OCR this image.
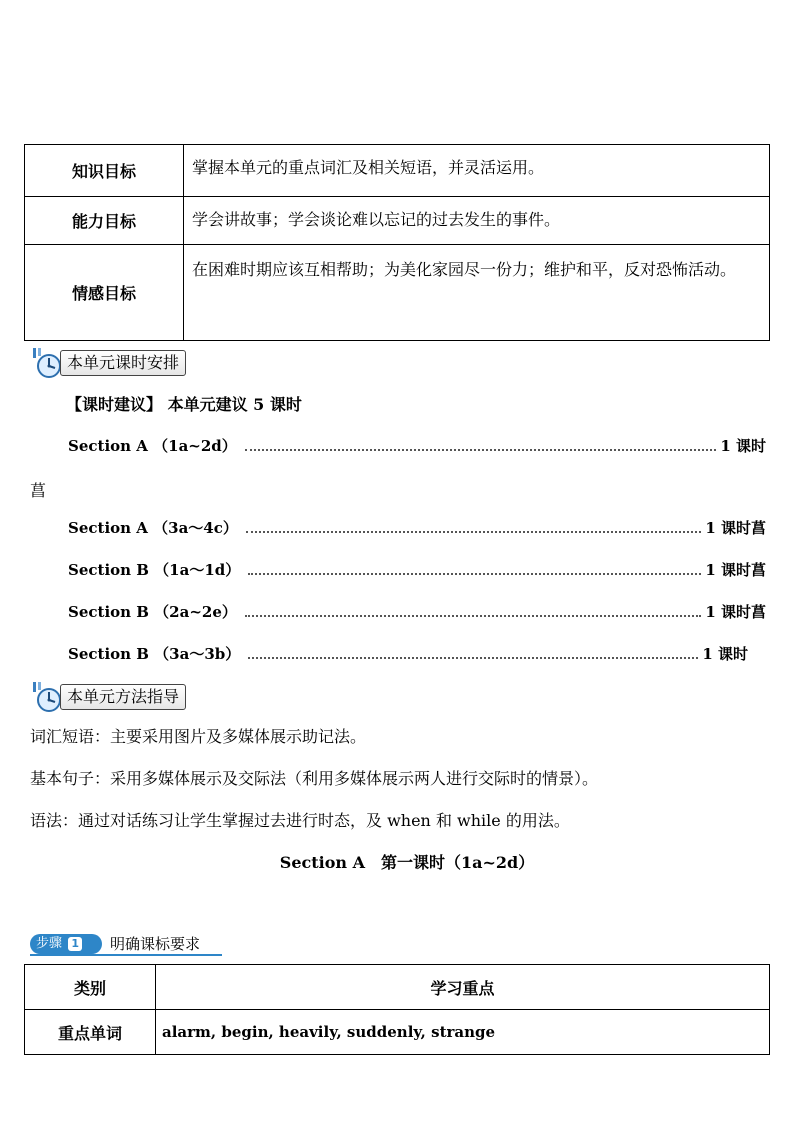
知识目标	掌握本单元的重点词汇及相关短语，并灵活运用。
能力目标	学会讲故事；学会谈论难以忘记的过去发生的事件。
情感目标	在困难时期应该互相帮助；为美化家园尽一份力；维护和平，反对恐怖活动。
本单元课时安排
【课时建议】 本单元建议 5 课时
Section A （1a~2d）	1 课时
菖
Section A （3a～4c）	1 课时 菖
Section B （1a～1d）	1 课时 菖
Section B （2a~2e）	1 课时 菖
Section B （3a～3b）	1 课时
本单元方法指导
词汇短语：主要采用图片及多媒体展示助记法。
基本句子：采用多媒体展示及交际法（利用多媒体展示两人进行交际时的情景）。
语法：通过对话练习让学生掌握过去进行时态，及 when 和 while 的用法。
Section A　第一课时（1a~2d）
步骤 1	明确课标要求
类别	学习重点
重点单词	alarm, begin, heavily, suddenly, strange
